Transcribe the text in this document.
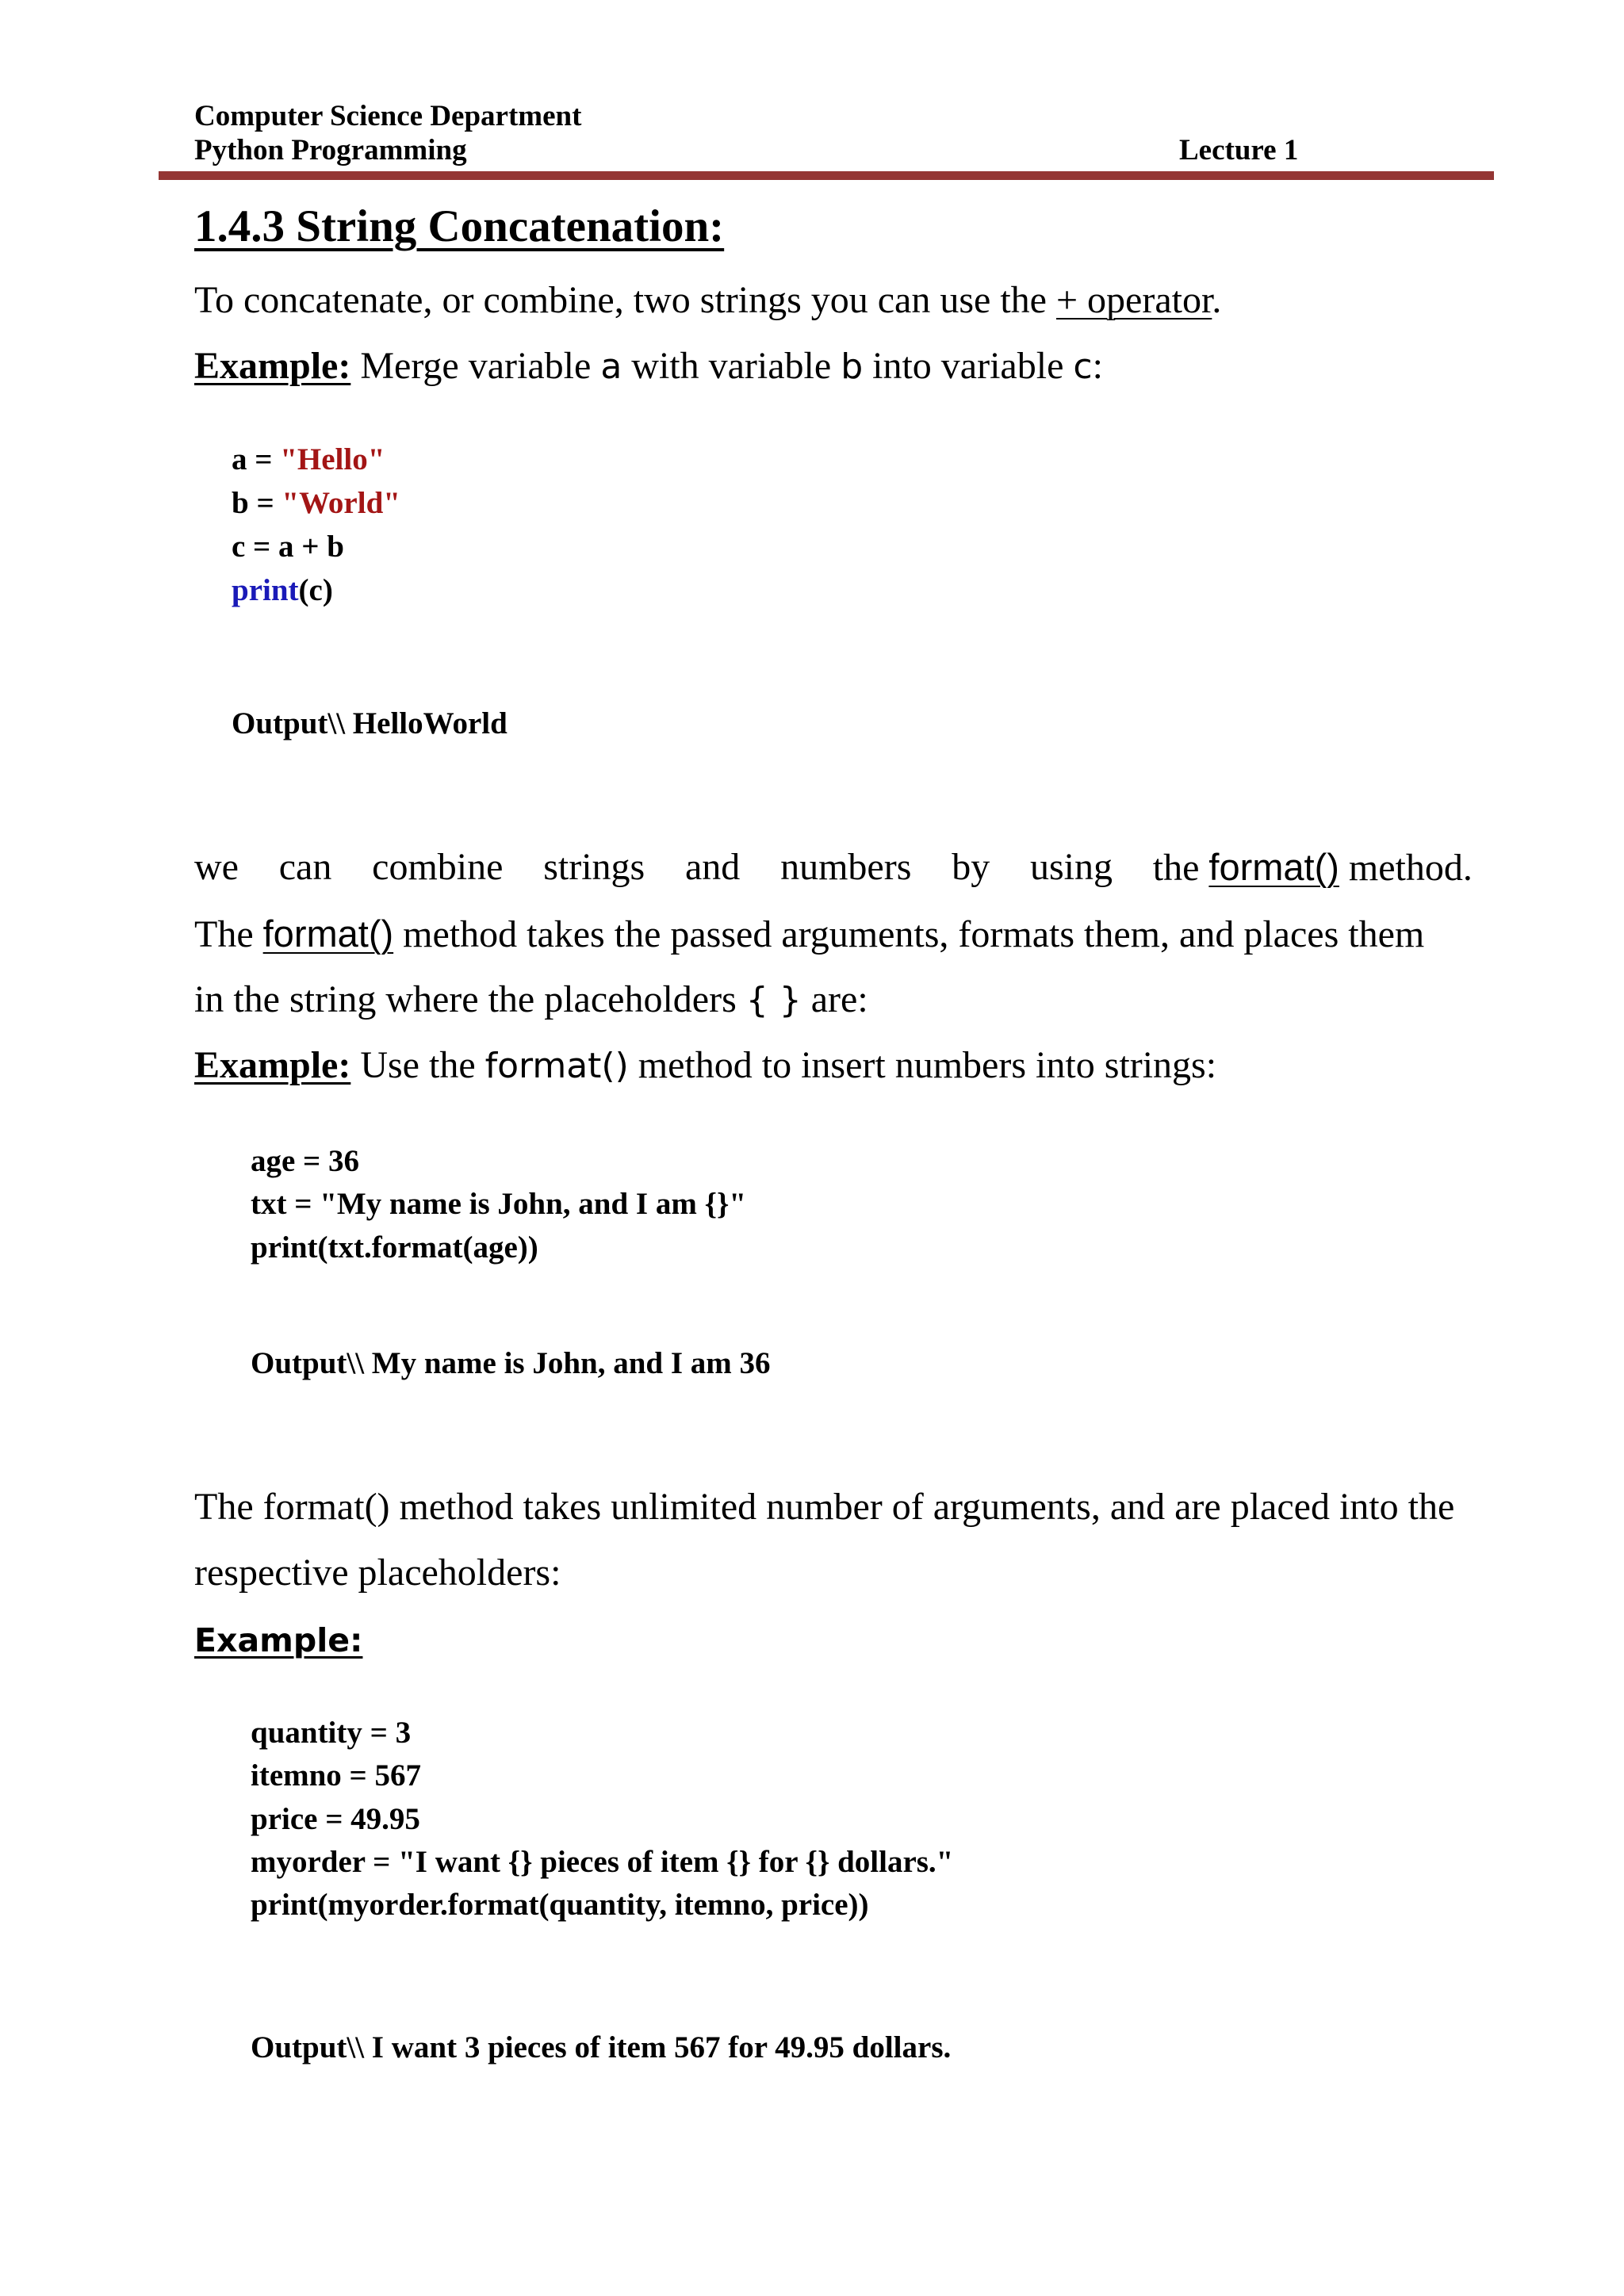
Computer Science Department
Python Programming	Lecture 1
1.4.3 String Concatenation:
To concatenate, or combine, two strings you can use the + operator.
Example: Merge variable a with variable b into variable c:
a = "Hello"
b = "World"
c = a + b
print(c)
Output\\ HelloWorld
we can combine strings and numbers by using the format() method.
The format() method takes the passed arguments, formats them, and places them
in the string where the placeholders { } are:
Example: Use the format() method to insert numbers into strings:
age = 36
txt = "My name is John, and I am {}"
print(txt.format(age))
Output\\ My name is John, and I am 36
The format() method takes unlimited number of arguments, and are placed into the
respective placeholders:
Example:
quantity = 3
itemno = 567
price = 49.95
myorder = "I want {} pieces of item {} for {} dollars."
print(myorder.format(quantity, itemno, price))
Output\\ I want 3 pieces of item 567 for 49.95 dollars.
